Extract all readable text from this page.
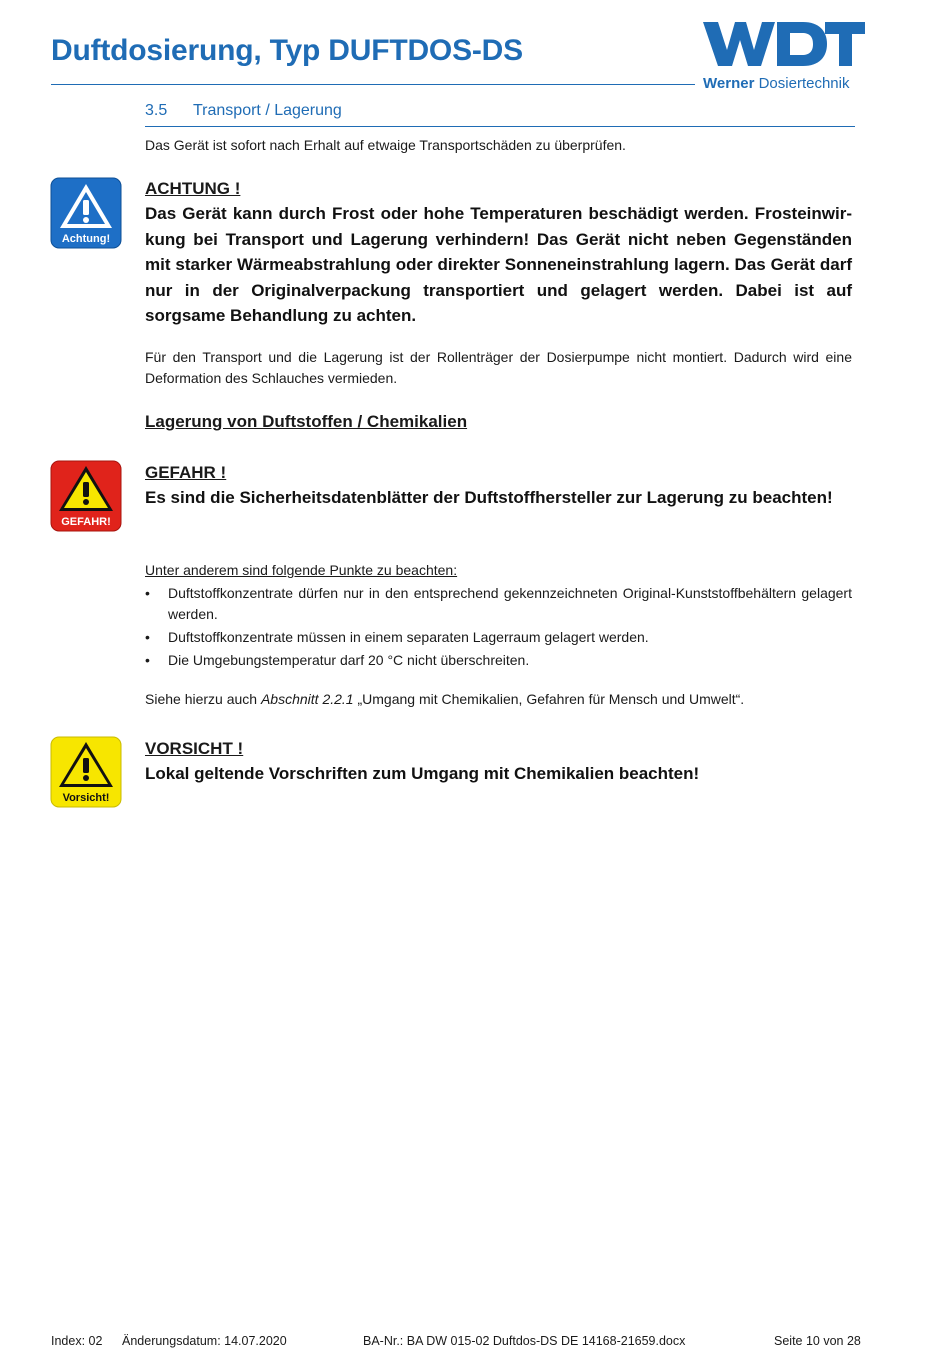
Duftdosierung, Typ DUFTDOS-DS
Werner Dosiertechnik
3.5 Transport / Lagerung
Das Gerät ist sofort nach Erhalt auf etwaige Transportschäden zu überprüfen.
Achtung!
ACHTUNG !
Das Gerät kann durch Frost oder hohe Temperaturen beschädigt werden. Frosteinwirkung bei Transport und Lagerung verhindern! Das Gerät nicht neben Gegenständen mit starker Wärmeabstrahlung oder direkter Sonneneinstrahlung lagern. Das Gerät darf nur in der Originalverpackung transportiert und gelagert werden. Dabei ist auf sorgsame Behandlung zu achten.
Für den Transport und die Lagerung ist der Rollenträger der Dosierpumpe nicht montiert. Dadurch wird eine Deformation des Schlauches vermieden.
Lagerung von Duftstoffen / Chemikalien
GEFAHR!
GEFAHR !
Es sind die Sicherheitsdatenblätter der Duftstoffhersteller zur Lagerung zu beachten!
Unter anderem sind folgende Punkte zu beachten:
• Duftstoffkonzentrate dürfen nur in den entsprechend gekennzeichneten Original-Kunststoffbehältern gelagert werden.
• Duftstoffkonzentrate müssen in einem separaten Lagerraum gelagert werden.
• Die Umgebungstemperatur darf 20 °C nicht überschreiten.
Siehe hierzu auch Abschnitt 2.2.1 „Umgang mit Chemikalien, Gefahren für Mensch und Umwelt“.
Vorsicht!
VORSICHT !
Lokal geltende Vorschriften zum Umgang mit Chemikalien beachten!
Index: 02 Änderungsdatum: 14.07.2020	BA-Nr.: BA DW 015-02 Duftdos-DS DE 14168-21659.docx	Seite 10 von 28
